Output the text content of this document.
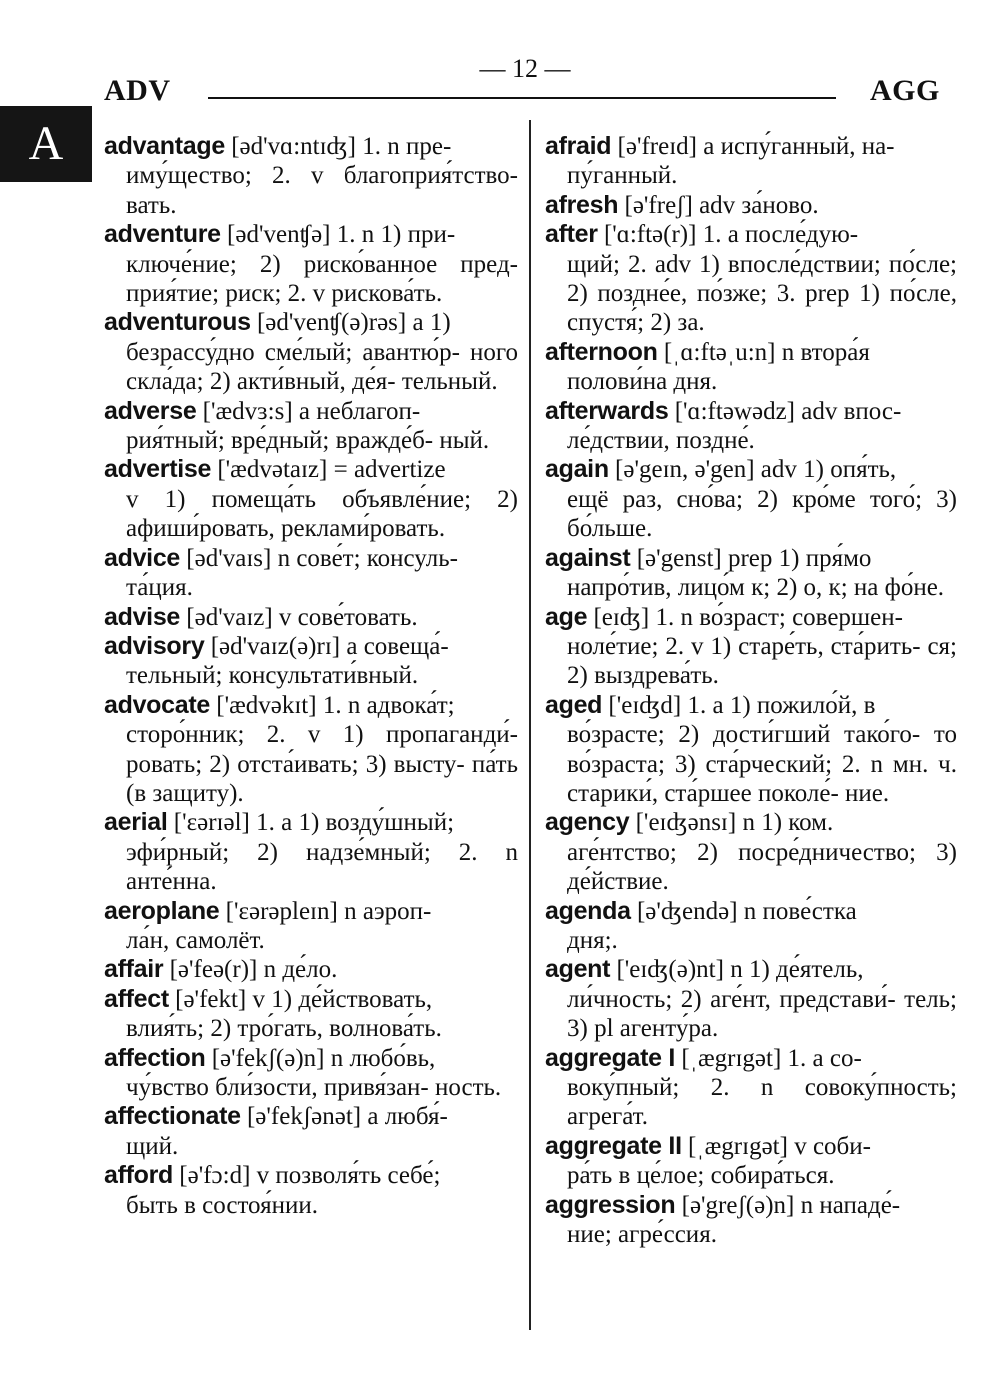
ADV
— 12 —
AGG
A	advantage [əd'vɑ:ntɪʤ] 1. n пре-
иму́щество; 2. v благоприя́тство- вать.

adventure [əd'venʧə] 1. n 1) при-
ключе́ние; 2) риско́ванное пред- прия́тие; риск; 2. v рискова́ть.

adventurous [əd'venʧ(ə)rəs] a 1)
безрассу́дно сме́лый; авантю́р- ного скла́да; 2) акти́вный, де́я- тельный.

adverse ['ædvɜ:s] a неблагоп-
рия́тный; вре́дный; вражде́б- ный.

advertise ['ædvətaɪz] = advertize
v 1) помеща́ть объявле́ние; 2) афиши́ровать, реклами́ровать.

advice [əd'vaɪs] n сове́т; консуль-
та́ция.

advise [əd'vaɪz] v сове́товать.

advisory [əd'vaɪz(ə)rɪ] a совеща́-
тельный; консультати́вный.

advocate ['ædvəkɪt] 1. n адвока́т;
сторо́нник; 2. v 1) пропаганди́- ровать; 2) отста́ивать; 3) высту- па́ть (в защиту).

aerial ['ɛərɪəl] 1. a 1) возду́шный;
эфи́рный; 2) надзе́мный; 2. n анте́нна.

aeroplane ['ɛərəpleɪn] n аэроп-
ла́н, самолёт.

affair [ə'feə(r)] n де́ло.

affect [ə'fekt] v 1) де́йствовать,
влия́ть; 2) тро́гать, волнова́ть.

affection [ə'fekʃ(ə)n] n любо́вь,
чу́вство бли́зости, привя́зан- ность.

affectionate [ə'fekʃənət] a любя́-
щий.

afford [ə'fɔ:d] v позволя́ть себе́;
быть в состоя́нии.

afraid [ə'freɪd] a испу́ганный, на-
пу́ганный.

afresh [ə'freʃ] adv за́ново.

after ['ɑ:ftə(r)] 1. a после́дую-
щий; 2. adv 1) впосле́дствии; по́сле; 2) поздне́е, по́зже; 3. prep 1) по́сле, спустя́; 2) за.

afternoon [ˌɑ:ftəˌu:n] n втора́я
полови́на дня.

afterwards ['ɑ:ftəwədz] adv впос-
ле́дствии, поздне́.

again [ə'geɪn, ə'gen] adv 1) опя́ть,
ещё раз, сно́ва; 2) кро́ме того́; 3) бо́льше.

against [ə'genst] prep 1) пря́мо
напро́тив, лицо́м к; 2) о, к; на фо́не.

age [eɪʤ] 1. n во́зраст; совершен-
ноле́тие; 2. v 1) старе́ть, ста́рить- ся; 2) выздрева́ть.

aged ['eɪʤd] 1. a 1) пожило́й, в
во́зрасте; 2) дости́гший тако́го- то во́зраста; 3) ста́рческий; 2. n мн. ч. старики́, ста́ршее поколе́- ние.

agency ['eɪʤənsɪ] n 1) ком.
аге́нтство; 2) посре́дничество; 3) де́йствие.

agenda [ə'ʤendə] n пове́стка
дня;.

agent ['eɪʤ(ə)nt] n 1) де́ятель,
ли́чность; 2) аге́нт, представи́- тель; 3) pl агенту́ра.

aggregate I [ˌægrɪgət] 1. a со-
воку́пный; 2. n совоку́пность; агрега́т.

aggregate II [ˌægrɪgət] v соби-
ра́ть в це́лое; собира́ться.

aggression [ə'greʃ(ə)n] n нападе́-
ние; агре́ссия.
